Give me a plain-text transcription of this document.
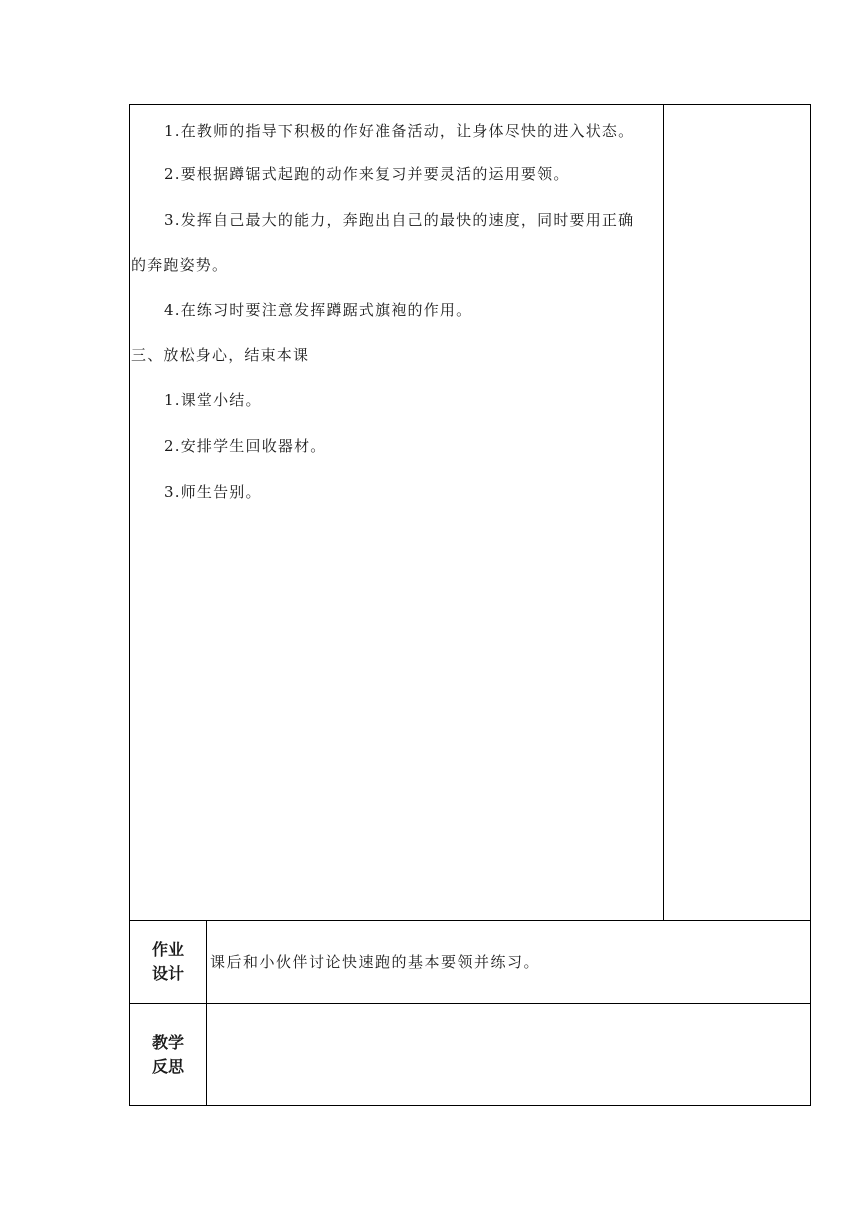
1.在教师的指导下积极的作好准备活动，让身体尽快的进入状态。
2.要根据蹲锯式起跑的动作来复习并要灵活的运用要领。
3.发挥自己最大的能力，奔跑出自己的最快的速度，同时要用正确
的奔跑姿势。
4.在练习时要注意发挥蹲踞式旗袍的作用。
三、放松身心，结束本课
1.课堂小结。
2.安排学生回收器材。
3.师生告别。
作业设计
课后和小伙伴讨论快速跑的基本要领并练习。
教学反思
